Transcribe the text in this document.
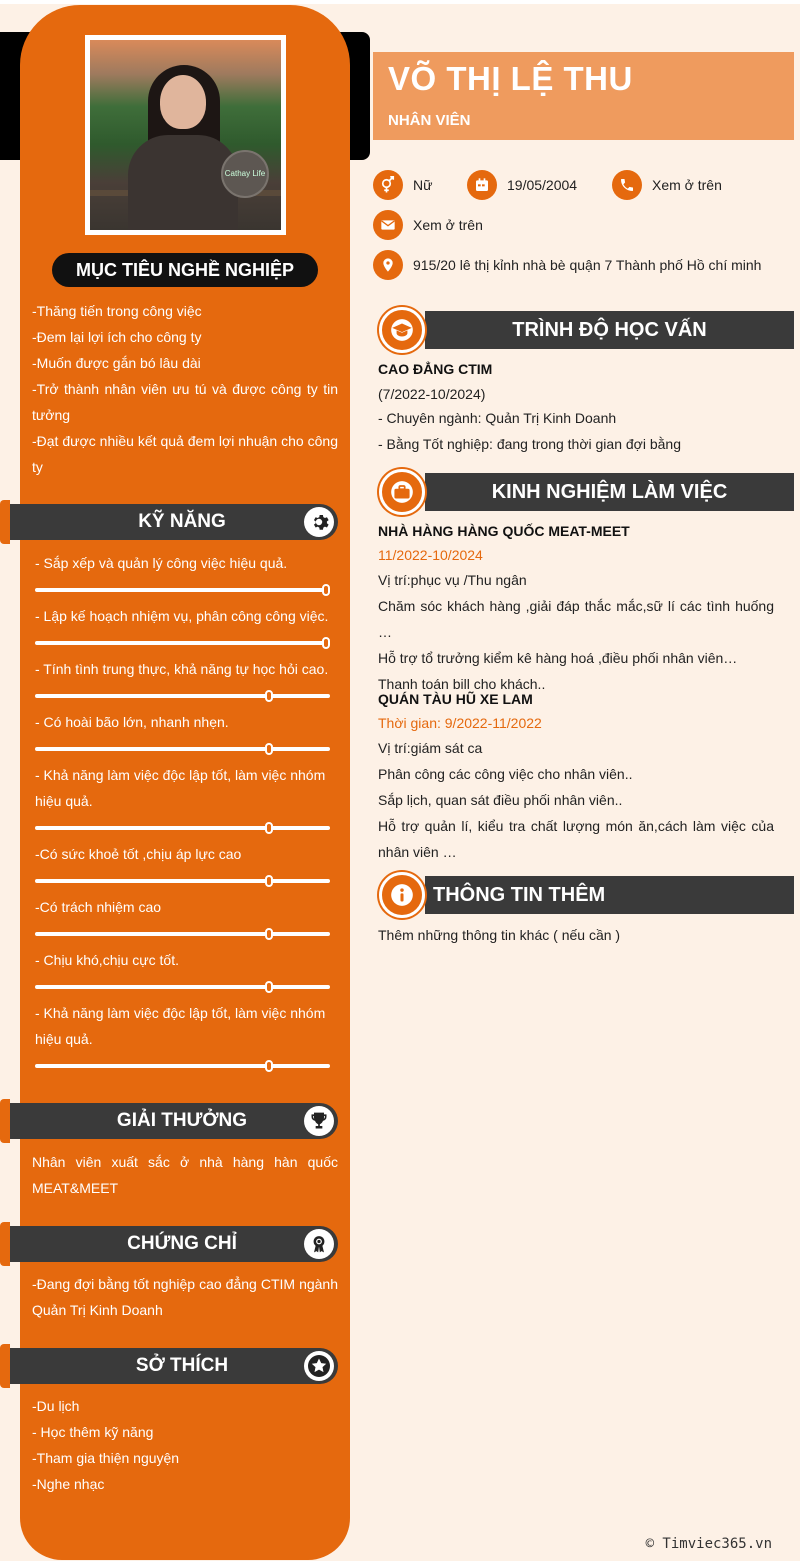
Cathay Life
MỤC TIÊU NGHỀ NGHIỆP
-Thăng tiến trong công việc
-Đem lại lợi ích cho công ty
-Muốn được gắn bó lâu dài
-Trở thành nhân viên ưu tú và được công ty tin tưởng
-Đạt được nhiều kết quả đem lợi nhuận cho công ty
KỸ NĂNG
- Sắp xếp và quản lý công việc hiệu quả.
- Lập kế hoạch nhiệm vụ, phân công công việc.
- Tính tình trung thực, khả năng tự học hỏi cao.
- Có hoài bão lớn, nhanh nhẹn.
- Khả năng làm việc độc lập tốt, làm việc nhóm hiệu quả.
-Có sức khoẻ tốt ,chịu áp lực cao
-Có trách nhiệm cao
- Chịu khó,chịu cực tốt.
- Khả năng làm việc độc lập tốt, làm việc nhóm hiệu quả.
GIẢI THƯỞNG
Nhân viên xuất sắc ở nhà hàng hàn quốc MEAT&MEET
CHỨNG CHỈ
-Đang đợi bằng tốt nghiệp cao đẳng CTIM ngành Quản Trị Kinh Doanh
SỞ THÍCH
-Du lịch
- Học thêm kỹ năng
-Tham gia thiện nguyện
-Nghe nhạc
VÕ THỊ LỆ THU
NHÂN VIÊN
Nữ	19/05/2004	Xem ở trên
Xem ở trên
915/20 lê thị kỉnh nhà bè quận 7 Thành phố Hồ chí minh
TRÌNH ĐỘ HỌC VẤN
CAO ĐẲNG CTIM
(7/2022-10/2024)
- Chuyên ngành: Quản Trị Kinh Doanh
- Bằng Tốt nghiệp: đang trong thời gian đợi bằng
KINH NGHIỆM LÀM VIỆC
NHÀ HÀNG HÀNG QUỐC MEAT-MEET
11/2022-10/2024
Vị trí:phục vụ /Thu ngân
Chăm sóc khách hàng ,giải đáp thắc mắc,sữ lí các tình huống …
Hỗ trợ tổ trưởng kiểm kê hàng hoá ,điều phối nhân viên…
Thanh toán bill cho khách..
QUÁN TÀU HŨ XE LAM
Thời gian: 9/2022-11/2022
Vị trí:giám sát ca
Phân công các công việc cho nhân viên..
Sắp lịch, quan sát điều phối nhân viên..
Hỗ trợ quản lí, kiểu tra chất lượng món ăn,cách làm việc của nhân viên …
THÔNG TIN THÊM
Thêm những thông tin khác ( nếu cần )
© Timviec365.vn
